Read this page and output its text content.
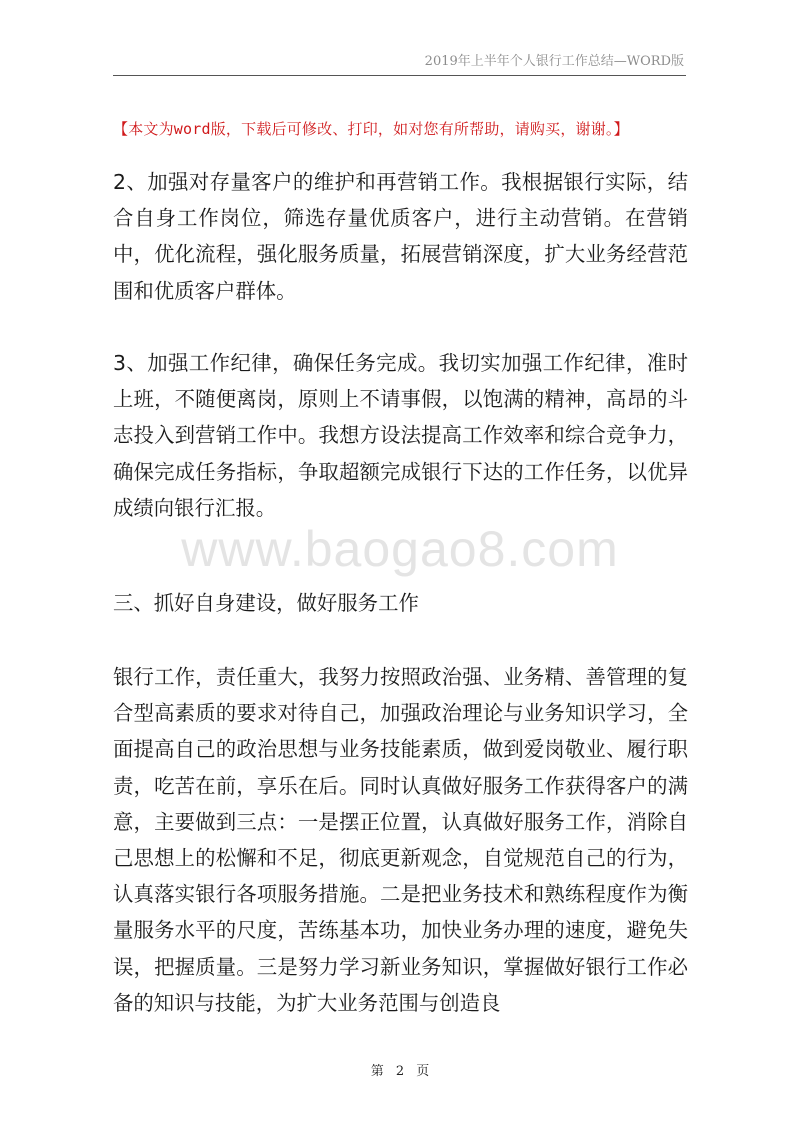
2019年上半年个人银行工作总结—WORD版
【本文为word版，下载后可修改、打印，如对您有所帮助，请购买，谢谢。】
www.baogao8.com
2、加强对存量客户的维护和再营销工作。我根据银行实际，结合自身工作岗位，筛选存量优质客户，进行主动营销。在营销中，优化流程，强化服务质量，拓展营销深度，扩大业务经营范围和优质客户群体。
3、加强工作纪律，确保任务完成。我切实加强工作纪律，准时上班，不随便离岗，原则上不请事假，以饱满的精神，高昂的斗志投入到营销工作中。我想方设法提高工作效率和综合竞争力，确保完成任务指标，争取超额完成银行下达的工作任务，以优异成绩向银行汇报。
三、抓好自身建设，做好服务工作
银行工作，责任重大，我努力按照政治强、业务精、善管理的复合型高素质的要求对待自己，加强政治理论与业务知识学习，全面提高自己的政治思想与业务技能素质，做到爱岗敬业、履行职责，吃苦在前，享乐在后。同时认真做好服务工作获得客户的满意，主要做到三点：一是摆正位置，认真做好服务工作，消除自己思想上的松懈和不足，彻底更新观念，自觉规范自己的行为，认真落实银行各项服务措施。二是把业务技术和熟练程度作为衡量服务水平的尺度，苦练基本功，加快业务办理的速度，避免失误，把握质量。三是努力学习新业务知识，掌握做好银行工作必备的知识与技能，为扩大业务范围与创造良
第 2 页
